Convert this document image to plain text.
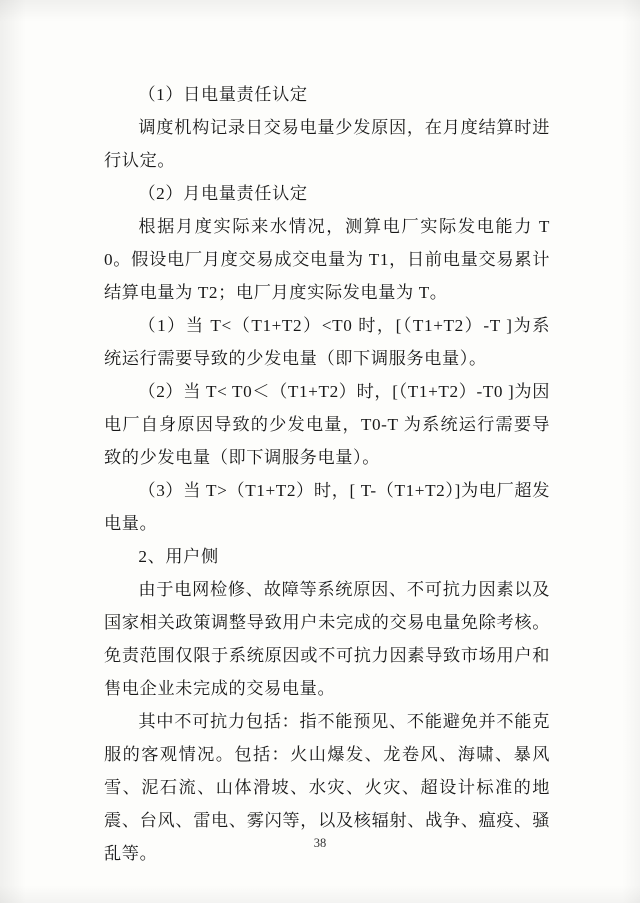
（1）日电量责任认定

调度机构记录日交易电量少发原因，在月度结算时进行认定。

（2）月电量责任认定

根据月度实际来水情况，测算电厂实际发电能力 T0。假设电厂月度交易成交电量为 T1，日前电量交易累计结算电量为 T2；电厂月度实际发电量为 T。

（1）当 T<（T1+T2）<T0 时，[（T1+T2）-T ]为系统运行需要导致的少发电量（即下调服务电量）。

（2）当 T< T0＜（T1+T2）时，[（T1+T2）-T0 ]为因电厂自身原因导致的少发电量，T0-T 为系统运行需要导致的少发电量（即下调服务电量）。

（3）当 T>（T1+T2）时，[ T-（T1+T2）]为电厂超发电量。

2、用户侧

由于电网检修、故障等系统原因、不可抗力因素以及国家相关政策调整导致用户未完成的交易电量免除考核。免责范围仅限于系统原因或不可抗力因素导致市场用户和售电企业未完成的交易电量。

其中不可抗力包括：指不能预见、不能避免并不能克服的客观情况。包括：火山爆发、龙卷风、海啸、暴风雪、泥石流、山体滑坡、水灾、火灾、超设计标准的地震、台风、雷电、雾闪等，以及核辐射、战争、瘟疫、骚乱等。

38
